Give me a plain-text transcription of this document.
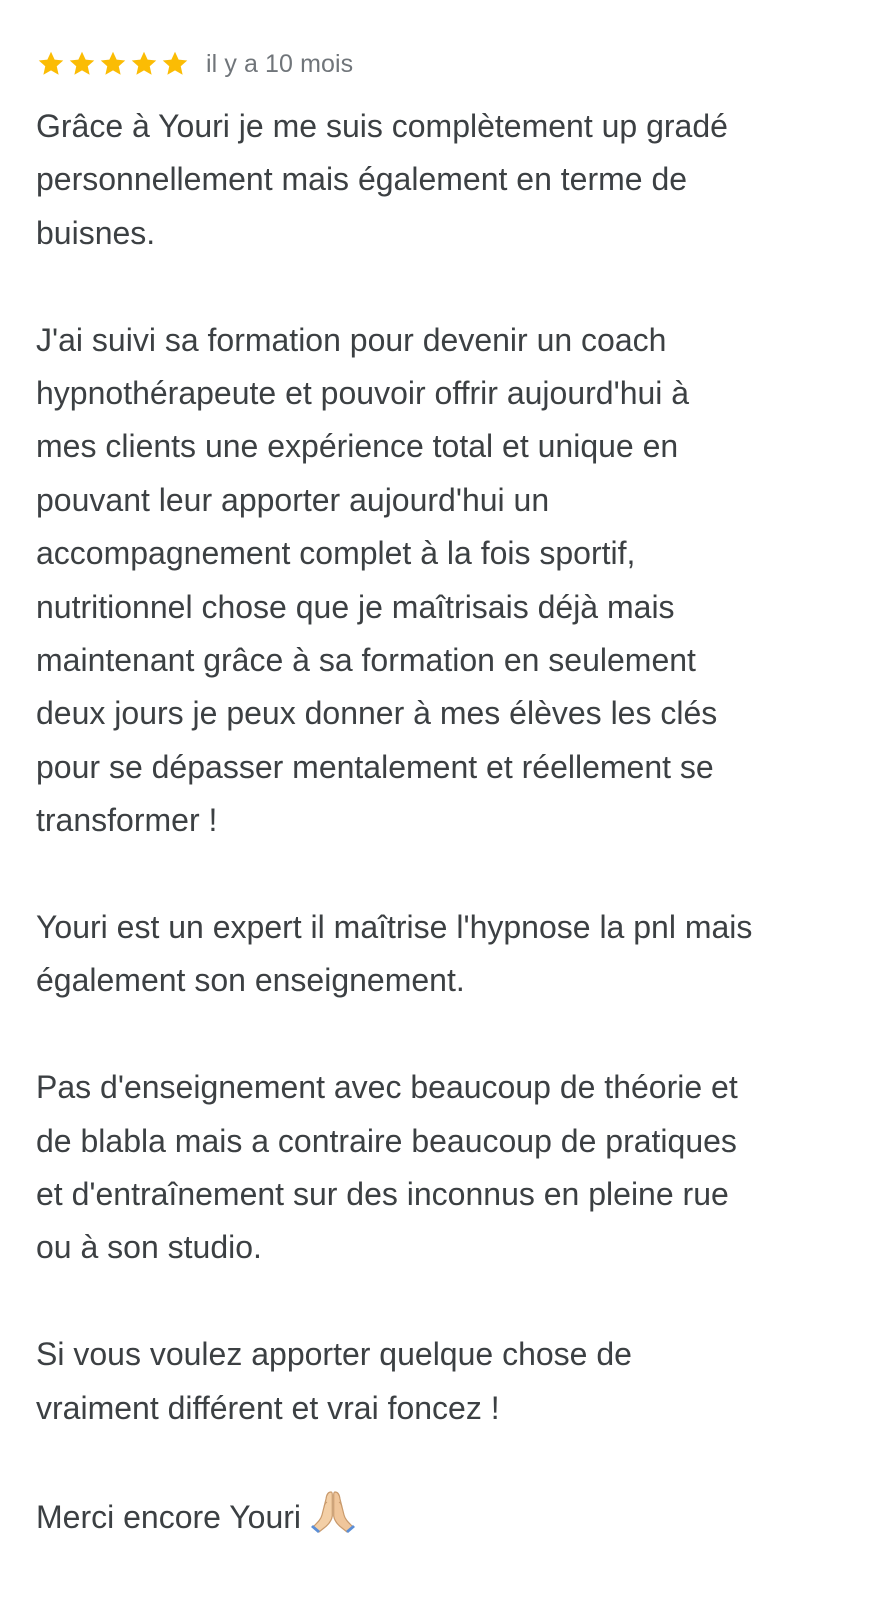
il y a 10 mois

Grâce à Youri je me suis complètement up gradé
personnellement mais également en terme de
buisnes.

J'ai suivi sa formation pour devenir un coach
hypnothérapeute et pouvoir offrir aujourd'hui à
mes clients une expérience total et unique en
pouvant leur apporter aujourd'hui un
accompagnement complet à la fois sportif,
nutritionnel chose que je maîtrisais déjà mais
maintenant grâce à sa formation en seulement
deux jours je peux donner à mes élèves les clés
pour se dépasser mentalement et réellement se
transformer !

Youri est un expert il maîtrise l'hypnose la pnl mais
également son enseignement.

Pas d'enseignement avec beaucoup de théorie et
de blabla mais a contraire beaucoup de pratiques
et d'entraînement sur des inconnus en pleine rue
ou à son studio.

Si vous voulez apporter quelque chose de
vraiment différent et vrai foncez !

Merci encore Youri
